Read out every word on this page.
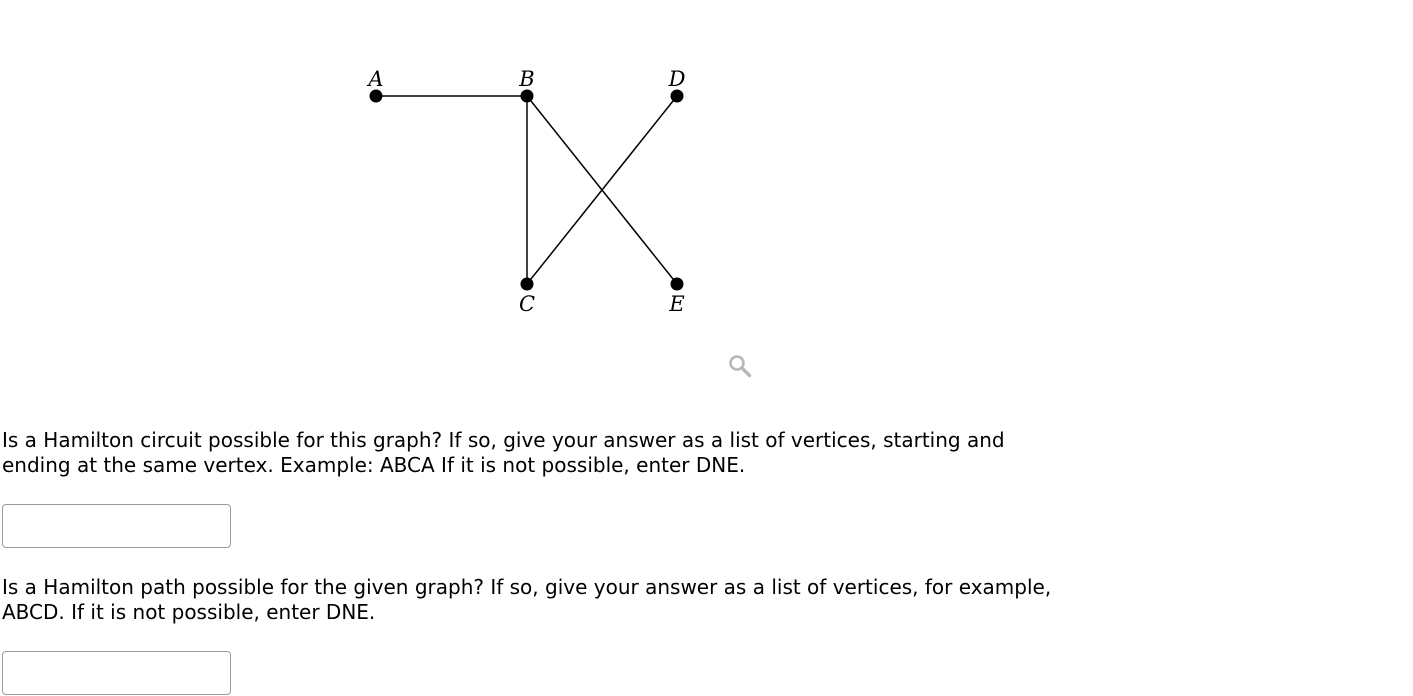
A	B
C
D
E

Is a Hamilton circuit possible for this graph? If so, give your answer as a list of vertices, starting and ending at the same vertex. Example: ABCA If it is not possible, enter DNE.

Is a Hamilton path possible for the given graph? If so, give your answer as a list of vertices, for example, ABCD. If it is not possible, enter DNE.
